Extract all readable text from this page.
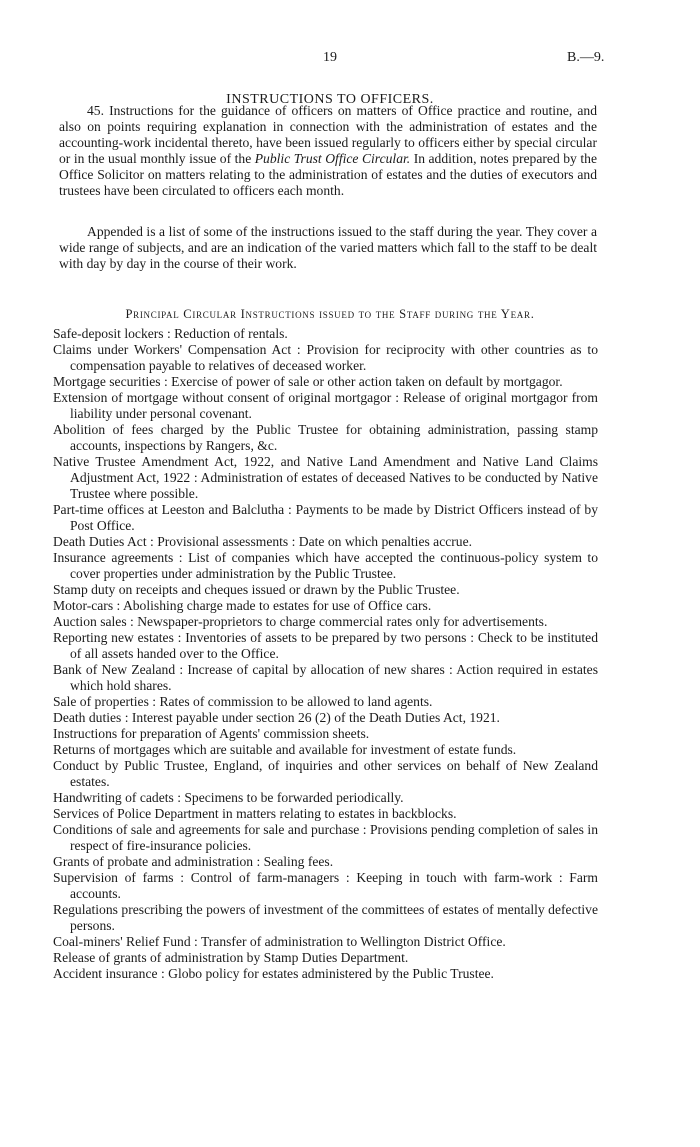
19	B.—9.
INSTRUCTIONS TO OFFICERS.

45. Instructions for the guidance of officers on matters of Office practice and routine, and also on points requiring explanation in connection with the administration of estates and the accounting-work incidental thereto, have been issued regularly to officers either by special circular or in the usual monthly issue of the Public Trust Office Circular. In addition, notes prepared by the Office Solicitor on matters relating to the administration of estates and the duties of executors and trustees have been circulated to officers each month.

Appended is a list of some of the instructions issued to the staff during the year. They cover a wide range of subjects, and are an indication of the varied matters which fall to the staff to be dealt with day by day in the course of their work.

Principal Circular Instructions issued to the Staff during the Year.
Safe-deposit lockers : Reduction of rentals.
Claims under Workers' Compensation Act : Provision for reciprocity with other countries as to compensation payable to relatives of deceased worker.
Mortgage securities : Exercise of power of sale or other action taken on default by mortgagor.
Extension of mortgage without consent of original mortgagor : Release of original mortgagor from liability under personal covenant.
Abolition of fees charged by the Public Trustee for obtaining administration, passing stamp accounts, inspections by Rangers, &c.
Native Trustee Amendment Act, 1922, and Native Land Amendment and Native Land Claims Adjustment Act, 1922 : Administration of estates of deceased Natives to be conducted by Native Trustee where possible.
Part-time offices at Leeston and Balclutha : Payments to be made by District Officers instead of by Post Office.
Death Duties Act : Provisional assessments : Date on which penalties accrue.
Insurance agreements : List of companies which have accepted the continuous-policy system to cover properties under administration by the Public Trustee.
Stamp duty on receipts and cheques issued or drawn by the Public Trustee.
Motor-cars : Abolishing charge made to estates for use of Office cars.
Auction sales : Newspaper-proprietors to charge commercial rates only for advertisements.
Reporting new estates : Inventories of assets to be prepared by two persons : Check to be instituted of all assets handed over to the Office.
Bank of New Zealand : Increase of capital by allocation of new shares : Action required in estates which hold shares.
Sale of properties : Rates of commission to be allowed to land agents.
Death duties : Interest payable under section 26 (2) of the Death Duties Act, 1921.
Instructions for preparation of Agents' commission sheets.
Returns of mortgages which are suitable and available for investment of estate funds.
Conduct by Public Trustee, England, of inquiries and other services on behalf of New Zealand estates.
Handwriting of cadets : Specimens to be forwarded periodically.
Services of Police Department in matters relating to estates in backblocks.
Conditions of sale and agreements for sale and purchase : Provisions pending completion of sales in respect of fire-insurance policies.
Grants of probate and administration : Sealing fees.
Supervision of farms : Control of farm-managers : Keeping in touch with farm-work : Farm accounts.
Regulations prescribing the powers of investment of the committees of estates of mentally defective persons.
Coal-miners' Relief Fund : Transfer of administration to Wellington District Office.
Release of grants of administration by Stamp Duties Department.
Accident insurance : Globo policy for estates administered by the Public Trustee.
